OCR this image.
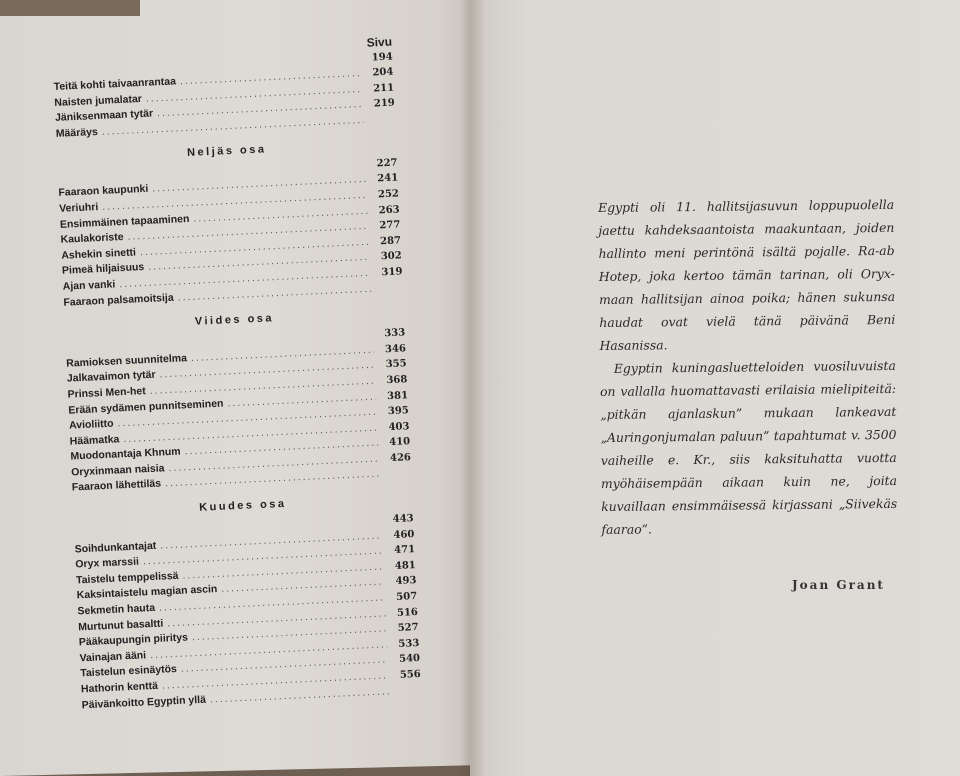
Sivu
194
Teitä kohti taivaanrantaa
.....
204
Naisten jumalatar
.....
211
Jäniksenmaan tytär
.....
219
Määräys
.....
Neljäs osa
227
Faaraon kaupunki
.....
241
Veriuhri
.....
252
Ensimmäinen tapaaminen
.....
263
Kaulakoriste
.....
277
Ashekin sinetti
.....
287
Pimeä hiljaisuus
.....
302
Ajan vanki
.....
319
Faaraon palsamoitsija
.....
Viides osa
333
Ramioksen suunnitelma
.....
346
Jalkavaimon tytär
.....
355
Prinssi Men-het
.....
368
Erään sydämen punnitseminen
.....
381
Avioliitto
.....
395
Häämatka
.....
403
Muodonantaja Khnum
.....
410
Oryxinmaan naisia
.....
426
Faaraon lähettiläs
.....
Kuudes osa
443
Soihdunkantajat
.....
460
Oryx marssii
.....
471
Taistelu temppelissä
.....
481
Kaksintaistelu magian ascin
.....
493
Sekmetin hauta
.....
507
Murtunut basaltti
.....
516
Pääkaupungin piiritys
.....
527
Vainajan ääni
.....
533
Taistelun esinäytös
.....
540
Hathorin kenttä
.....
556
Päivänkoitto Egyptin yllä
.....

Egypti oli 11. hallitsijasuvun loppupuolella jaettu kahdeksaantoista maakuntaan, joiden hallinto meni perintönä isältä pojalle. Ra-ab Hotep, joka kertoo tämän tarinan, oli Oryx-maan hallitsijan ainoa poika; hänen sukunsa haudat ovat vielä tänä päivänä Beni Hasanissa.

Egyptin kuningasluetteloiden vuosiluvuista on vallalla huomattavasti erilaisia mielipiteitä: „pitkän ajanlaskun” mukaan lankeavat „Auringonjumalan paluun” tapahtumat v. 3500 vaiheille e. Kr., siis kaksituhatta vuotta myöhäisempään aikaan kuin ne, joita kuvaillaan ensimmäisessä kirjassani „Siivekäs faarao”.

Joan Grant
